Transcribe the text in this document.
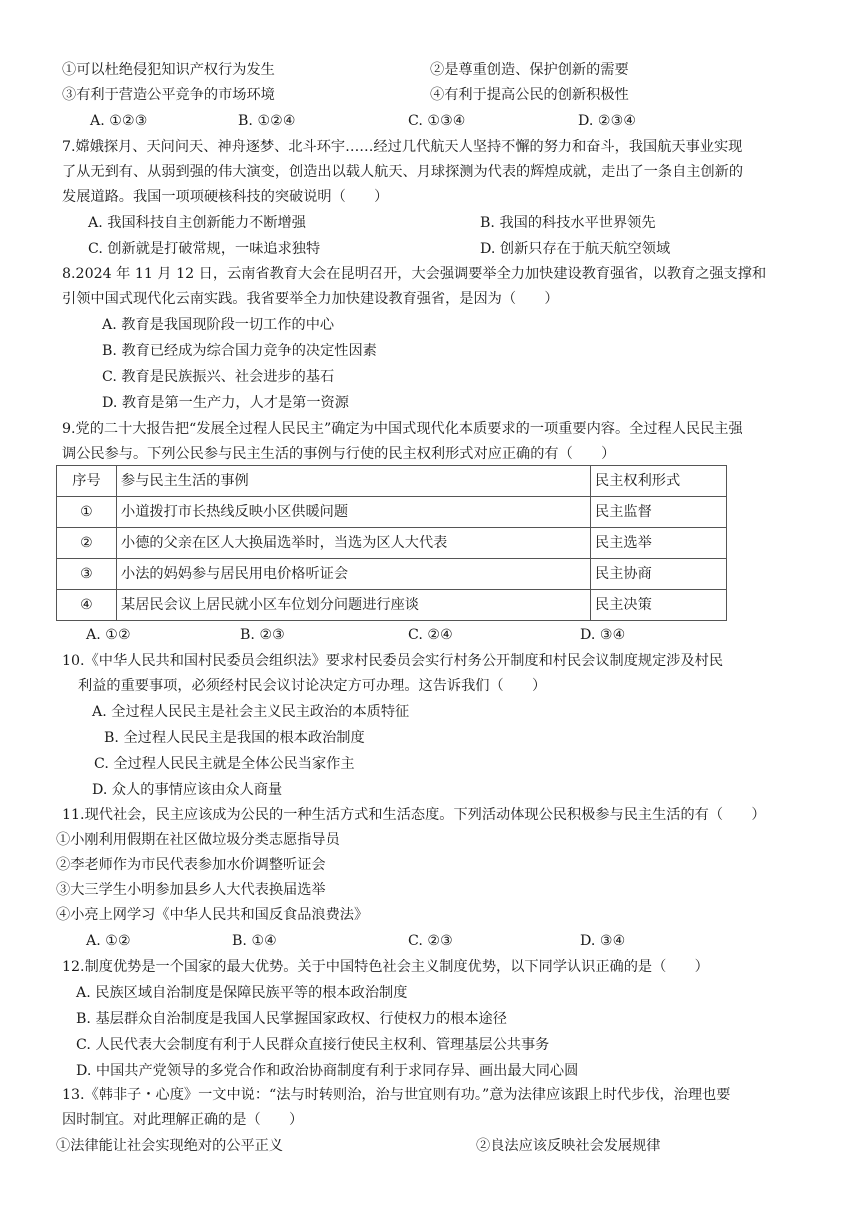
①可以杜绝侵犯知识产权行为发生	②是尊重创造、保护创新的需要
③有利于营造公平竞争的市场环境	④有利于提高公民的创新积极性
A. ①②③	B. ①②④	C. ①③④	D. ②③④
7.嫦娥探月、天问问天、神舟逐梦、北斗环宇……经过几代航天人坚持不懈的努力和奋斗，我国航天事业实现
了从无到有、从弱到强的伟大演变，创造出以载人航天、月球探测为代表的辉煌成就，走出了一条自主创新的
发展道路。我国一项项硬核科技的突破说明（　　）
A. 我国科技自主创新能力不断增强	B. 我国的科技水平世界领先
C. 创新就是打破常规，一味追求独特	D. 创新只存在于航天航空领域
8.2024 年 11 月 12 日，云南省教育大会在昆明召开，大会强调要举全力加快建设教育强省，以教育之强支撑和
引领中国式现代化云南实践。我省要举全力加快建设教育强省，是因为（　　）
A. 教育是我国现阶段一切工作的中心
B. 教育已经成为综合国力竞争的决定性因素
C. 教育是民族振兴、社会进步的基石
D. 教育是第一生产力，人才是第一资源
9.党的二十大报告把“发展全过程人民民主”确定为中国式现代化本质要求的一项重要内容。全过程人民民主强
调公民参与。下列公民参与民主生活的事例与行使的民主权利形式对应正确的有（　　）
序号	参与民主生活的事例	民主权利形式
①	小道拨打市长热线反映小区供暖问题	民主监督
②	小德的父亲在区人大换届选举时，当选为区人大代表	民主选举
③	小法的妈妈参与居民用电价格听证会	民主协商
④	某居民会议上居民就小区车位划分问题进行座谈	民主决策
A. ①②	B. ②③	C. ②④	D. ③④
10.《中华人民共和国村民委员会组织法》要求村民委员会实行村务公开制度和村民会议制度规定涉及村民
利益的重要事项，必须经村民会议讨论决定方可办理。这告诉我们（　　）
A. 全过程人民民主是社会主义民主政治的本质特征
B. 全过程人民民主是我国的根本政治制度
C. 全过程人民民主就是全体公民当家作主
D. 众人的事情应该由众人商量
11.现代社会，民主应该成为公民的一种生活方式和生活态度。下列活动体现公民积极参与民主生活的有（　　）
①小刚利用假期在社区做垃圾分类志愿指导员
②李老师作为市民代表参加水价调整听证会
③大三学生小明参加县乡人大代表换届选举
④小亮上网学习《中华人民共和国反食品浪费法》
A. ①②	B. ①④	C. ②③	D. ③④
12.制度优势是一个国家的最大优势。关于中国特色社会主义制度优势，以下同学认识正确的是（　　）
A. 民族区域自治制度是保障民族平等的根本政治制度
B. 基层群众自治制度是我国人民掌握国家政权、行使权力的根本途径
C. 人民代表大会制度有利于人民群众直接行使民主权利、管理基层公共事务
D. 中国共产党领导的多党合作和政治协商制度有利于求同存异、画出最大同心圆
13.《韩非子・心度》一文中说：“法与时转则治，治与世宜则有功。”意为法律应该跟上时代步伐，治理也要
因时制宜。对此理解正确的是（　　）
①法律能让社会实现绝对的公平正义	②良法应该反映社会发展规律
